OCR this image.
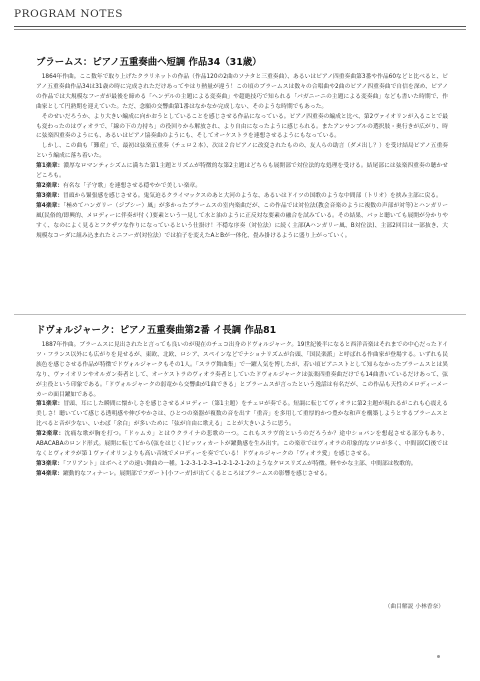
PROGRAM NOTES
ブラームス：ピアノ五重奏曲ヘ短調 作品34（31歳）

1864年作曲。ここ数年で取り上げたクラリネットの作品（作品120の2曲のソナタと三重奏曲）、あるいはピアノ四重奏曲第3番や作品60などと比べると、ピアノ五重奏曲作品34は31歳の時に完成されただけあってやはり熱量が違う！この頃のブラームスは数々の合唱曲や2曲のピアノ四重奏曲で自信を深め、ピアノの作品では大規模なフーガが最後を締める「ヘンデルの主題による変奏曲」や超絶技巧で知られる「パガニーニの主題による変奏曲」なども書いた時期で、作曲家として円熟期を迎えていた。ただ、念願の交響曲第1番はなかなか完成しない、そのような時期でもあった。

そのせいだろうか、より大きい編成に向かおうとしていることを感じさせる作品になっている。ピアノ四重奏の編成と比べ、第2ヴァイオリンが入ることで最も変わったのはヴィオラで、「線の下の力持ち」の役回りから解放され、より自由になったように感じられる。またアンサンブルの選択肢・奥行きが広がり、時に弦楽四重奏のようにも、あるいはピアノ協奏曲のようにも、そしてオーケストラを連想させるようにもなっている。

しかし、この曲も「難産」で、最初は弦楽五重奏（チェロ２本）、次は２台ピアノに改変されたものの、友人らの助言（ダメ出し？）を受け結局ピアノ五重奏という編成に落ち着いた。

第1楽章：濃厚なロマンティシズムに満ちた第1主題とリズムが特徴的な第2主題はどちらも展開部で対位法的な処理を受ける。結尾部には弦楽四重奏の聴かせどころも。

第2楽章：有名な「子守歌」を連想させる穏やかで美しい楽章。

第3楽章：冒頭から緊張感を感じさせる。鬼気迫るクライマックスのあと大河のような、あるいはドイツの国歌のような中間部（トリオ）を挟み主部に戻る。

第4楽章：「極めてハンガリー（ジプシー）風」が多かったブラームスの室内楽曲だが、この作品では対位法(教会音楽のように複数の声部が対等)とハンガリー風(民俗的/即興的、メロディーに伴奏が付く)要素という一見して水と油のように正反対な要素の融合を試みている。その結果、パッと聴いても展開が分かりやすく、なのによく見るとフクザツな作りになっているという仕掛け！不穏な序奏（対位法）に続く主部(Aハンガリー風、B対位法)、主部2回目は一部抜き、大規模なコーダに組み込まれたミニフーガ(対位法）では拍子を変えたAとBが一体化、畳み掛けるように盛り上がっていく。

ドヴォルジャーク：ピアノ五重奏曲第2番 イ長調 作品81

1887年作曲。ブラームスに見出されたと言っても良いのが現在のチェコ出身のドヴォルジャーク。19世紀後半になると西洋音楽はそれまでの中心だったドイツ・フランス以外にも広がりを見せるが、東欧、北欧、ロシア、スペインなどでナショナリズムが台頭、「国民楽派」と呼ばれる作曲家が登場する。いずれも民族色を感じさせる作品が特徴でドヴォルジャークもその1人。「スラヴ舞曲集」で一躍人気を博したが、若い頃ピアニストとして知らなかったブラームスとは異なり、ヴァイオリンやオルガン奏者として、オーケストラのヴィオラ奏者としていたドヴォルジャークは弦楽四重奏曲だけでも14曲書いているだけあって、弦が主役という印象である。「ドヴォルジャークの弱竜から交響曲が1曲できる」とブラームスが言ったという逸話は有名だが、この作品も天性のメロディーメーカーの面目躍如である。

第1楽章：冒頭、耳にした瞬間に懐かしさを感じさせるメロディー（第1主題）をチェロが奏でる。短調に転じてヴィオラに第2主題が現れるがこれも心震える美しさ！聴いていて感じる透明感や伸びやかさは、ひとつの楽器が複数の音を出す「重音」を多用して重厚的かつ豊かな和声を構築しようとするブラームスと比べると音が少ない、いわば「余白」が多いために「弦が自由に歌える」ことが大きいように思う。

第2楽章：沈痛な歌が胸を打つ。「ドゥムカ」とはウクライナの悲歌の一つ。これもスラヴ的というのだろうか？途中ショパンを想起させる部分もあり、ABACABAのロンド形式。展開に転じてから(弦をはじく)ピッツィカートが躍動感を生み出す。この楽章ではヴィオラの印象的なソロが多く、中間部(C)後ではなくとヴィオラが第１ヴァイオリンよりも高い音域でメロディーを奏でている！ドヴォルジャークの「ヴィオラ愛」を感じさせる。

第3楽章：「フリアント」はボヘミアの速い舞曲の一種。1-2-3-1-2-3→1-2-1-2-1-2のようなクロスリズムが特徴。軽やかな主部、中間部は牧歌的。

第4楽章：躍動的なフィナーレ。展開部でフガート(小フーガ)が出てくるところはブラームスの影響を感じさせる。

（曲目解説 小林香奈）
